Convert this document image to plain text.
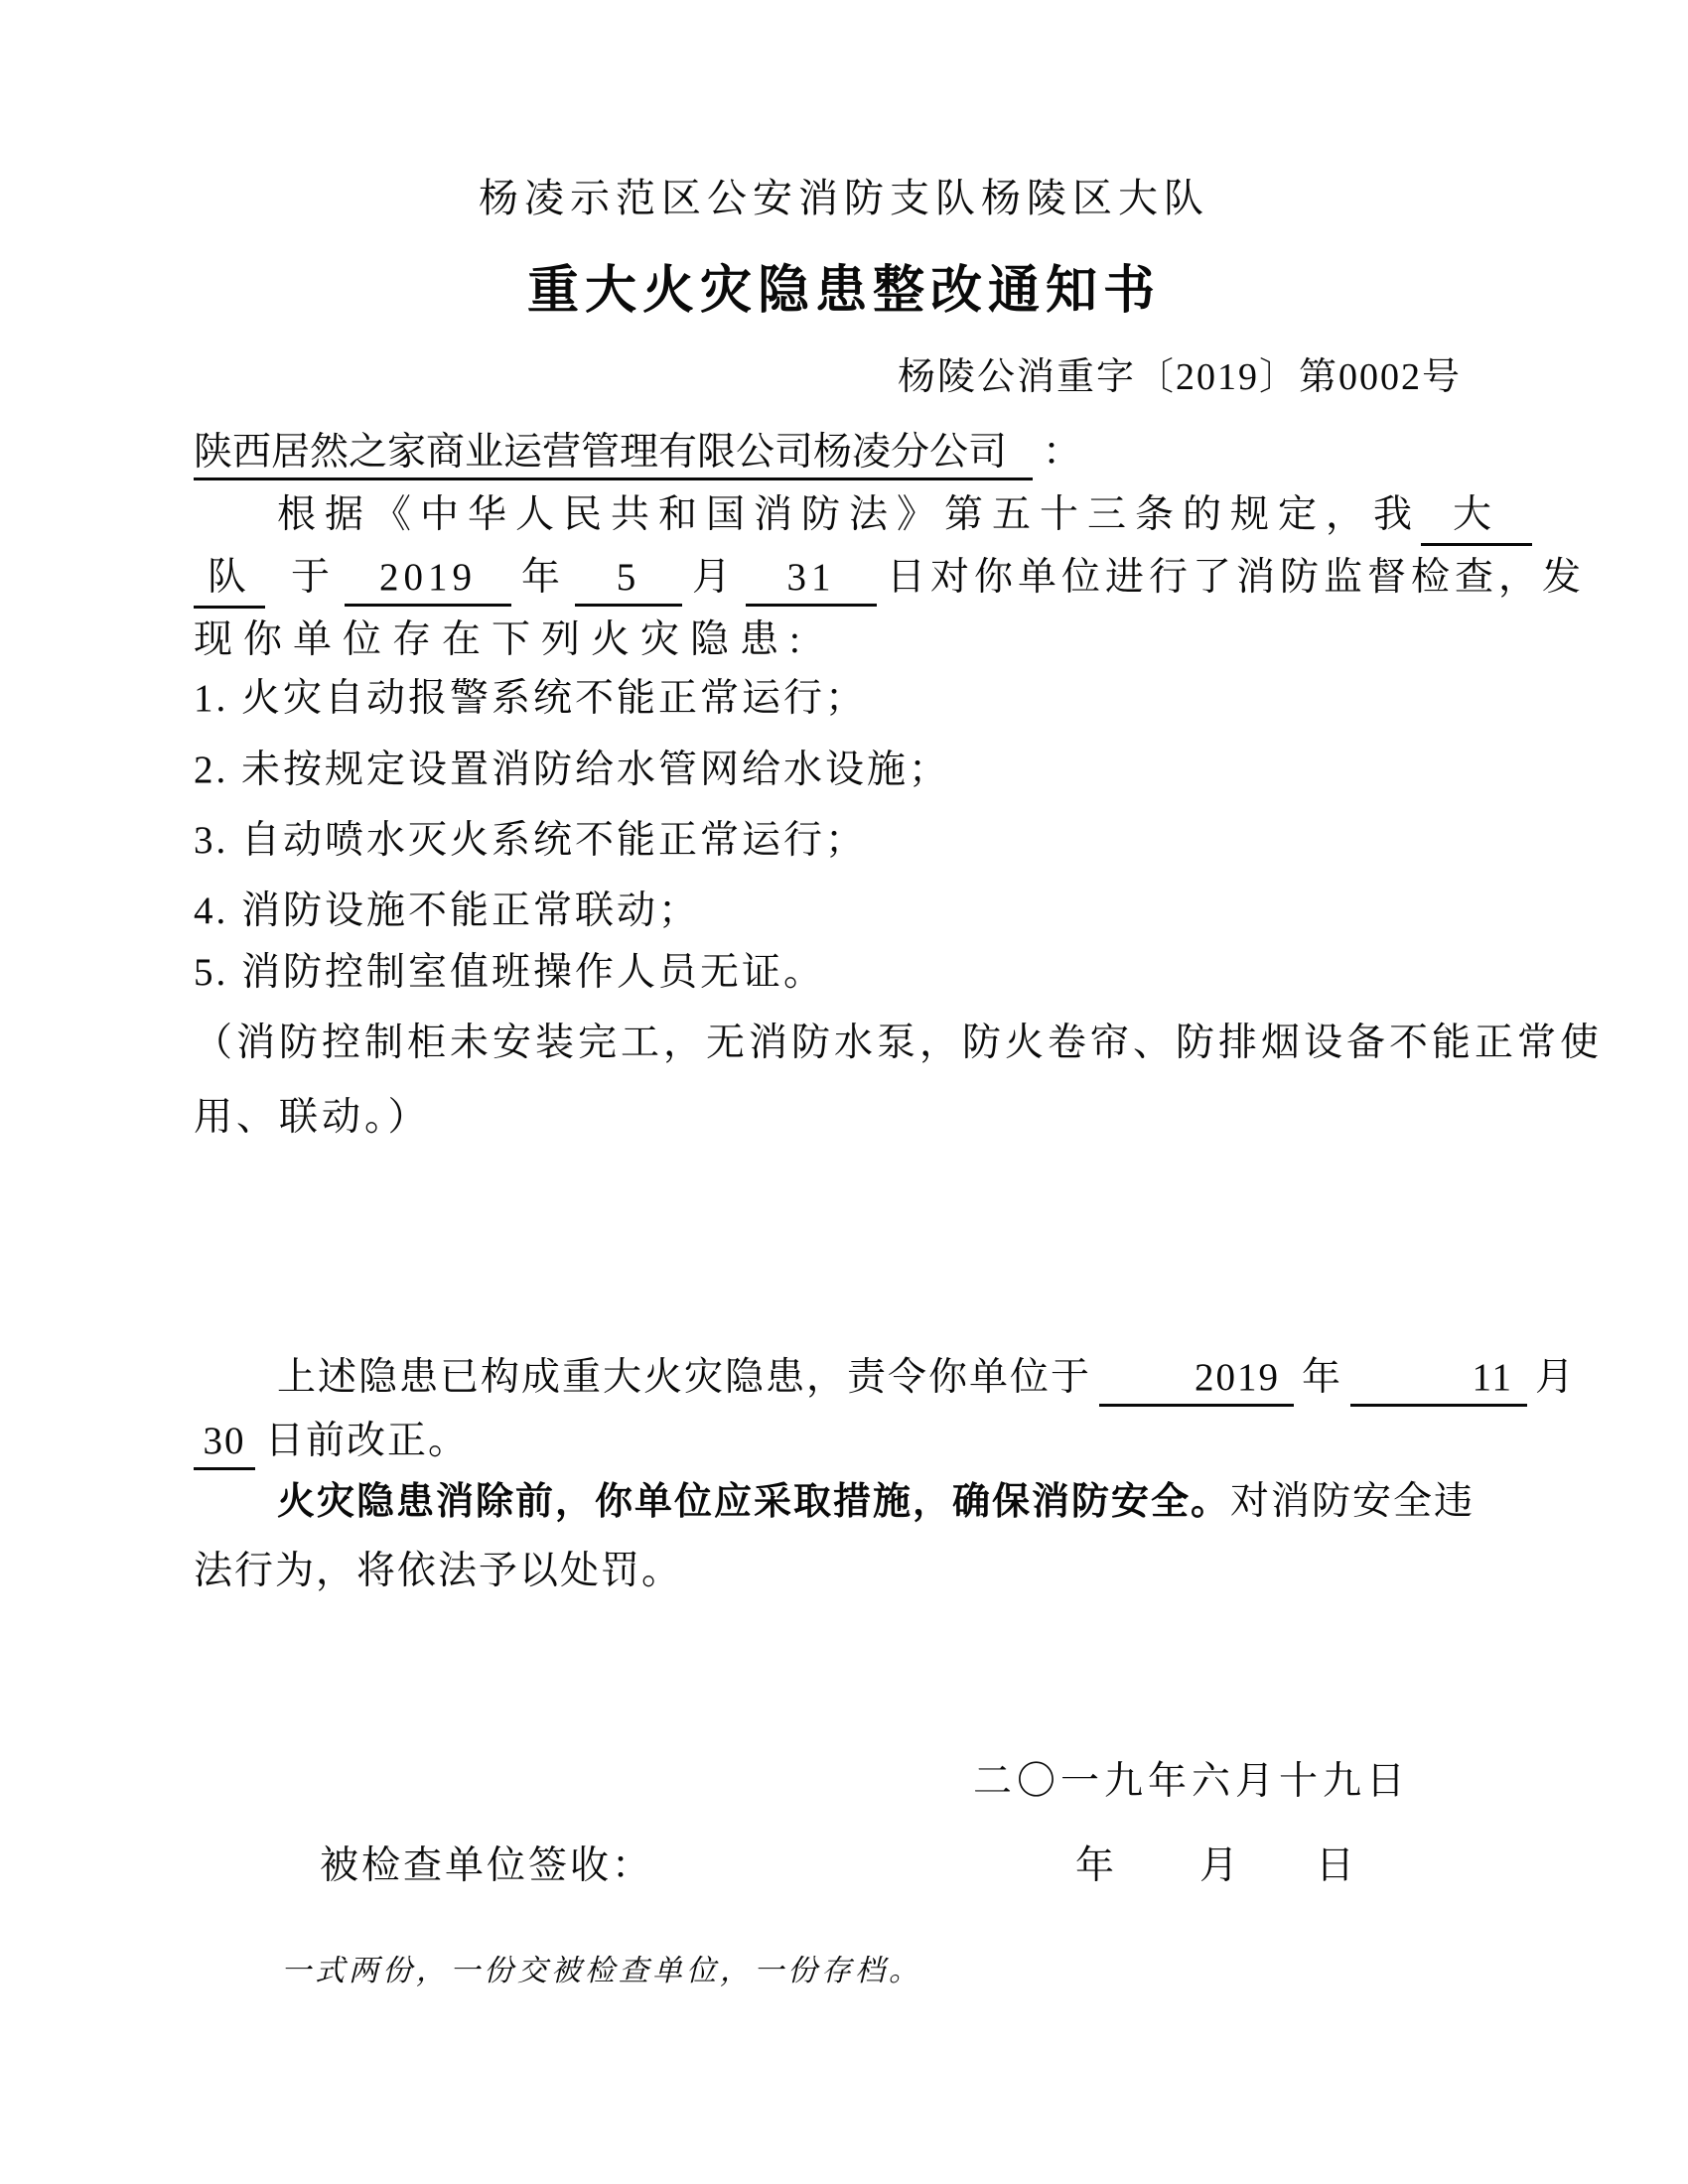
杨凌示范区公安消防支队杨陵区大队
重大火灾隐患整改通知书
杨陵公消重字〔2019〕第0002号
陕西居然之家商业运营管理有限公司杨凌分公司 ：
根据《中华人民共和国消防法》第五十三条的规定，我 大
队 于 2019 年 5 月 31 日对你单位进行了消防监督检查，发
现你单位存在下列火灾隐患:
1. 火灾自动报警系统不能正常运行；
2. 未按规定设置消防给水管网给水设施；
3. 自动喷水灭火系统不能正常运行；
4. 消防设施不能正常联动；
5. 消防控制室值班操作人员无证。
（消防控制柜未安装完工，无消防水泵，防火卷帘、防排烟设备不能正常使
用、联动。）
上述隐患已构成重大火灾隐患，责令你单位于	2019 年	11 月
30 日前改正。
火灾隐患消除前，你单位应采取措施，确保消防安全。对消防安全违
法行为，将依法予以处罚。
二〇一九年六月十九日
被检查单位签收：	年 月 日
一式两份，一份交被检查单位，一份存档。
